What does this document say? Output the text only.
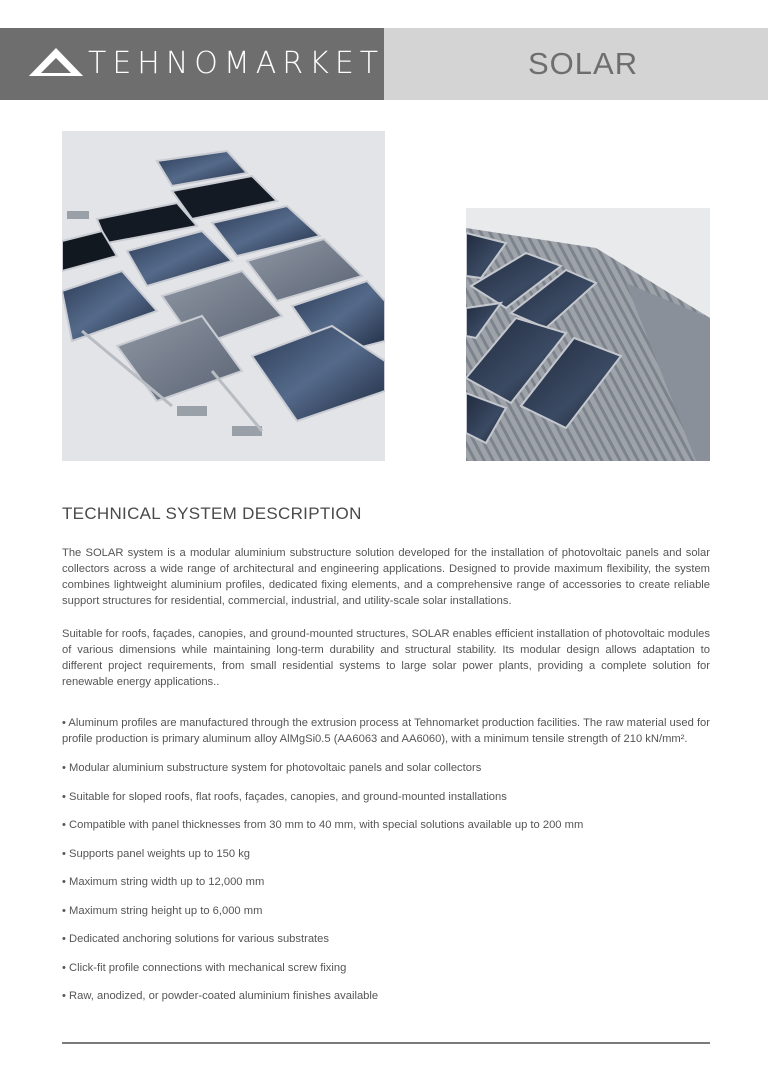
TEHNOMARKET	SOLAR
TECHNICAL SYSTEM DESCRIPTION
The SOLAR system is a modular aluminium substructure solution developed for the installation of photovoltaic panels and solar collectors across a wide range of architectural and engineering applications. Designed to provide maximum flexibility, the system combines lightweight aluminium profiles, dedicated fixing elements, and a comprehensive range of accessories to create reliable support structures for residential, commercial, industrial, and utility-scale solar installations.
Suitable for roofs, façades, canopies, and ground-mounted structures, SOLAR enables efficient installation of photovoltaic modules of various dimensions while maintaining long-term durability and structural stability. Its modular design allows adaptation to different project requirements, from small residential systems to large solar power plants, providing a complete solution for renewable energy applications..
• Aluminum profiles are manufactured through the extrusion process at Tehnomarket production facilities. The raw material used for profile production is primary aluminum alloy AlMgSi0.5 (AA6063 and AA6060), with a minimum tensile strength of 210 kN/mm².
• Modular aluminium substructure system for photovoltaic panels and solar collectors
• Suitable for sloped roofs, flat roofs, façades, canopies, and ground-mounted installations
• Compatible with panel thicknesses from 30 mm to 40 mm, with special solutions available up to 200 mm
• Supports panel weights up to 150 kg
• Maximum string width up to 12,000 mm
• Maximum string height up to 6,000 mm
• Dedicated anchoring solutions for various substrates
• Click-fit profile connections with mechanical screw fixing
• Raw, anodized, or powder-coated aluminium finishes available
